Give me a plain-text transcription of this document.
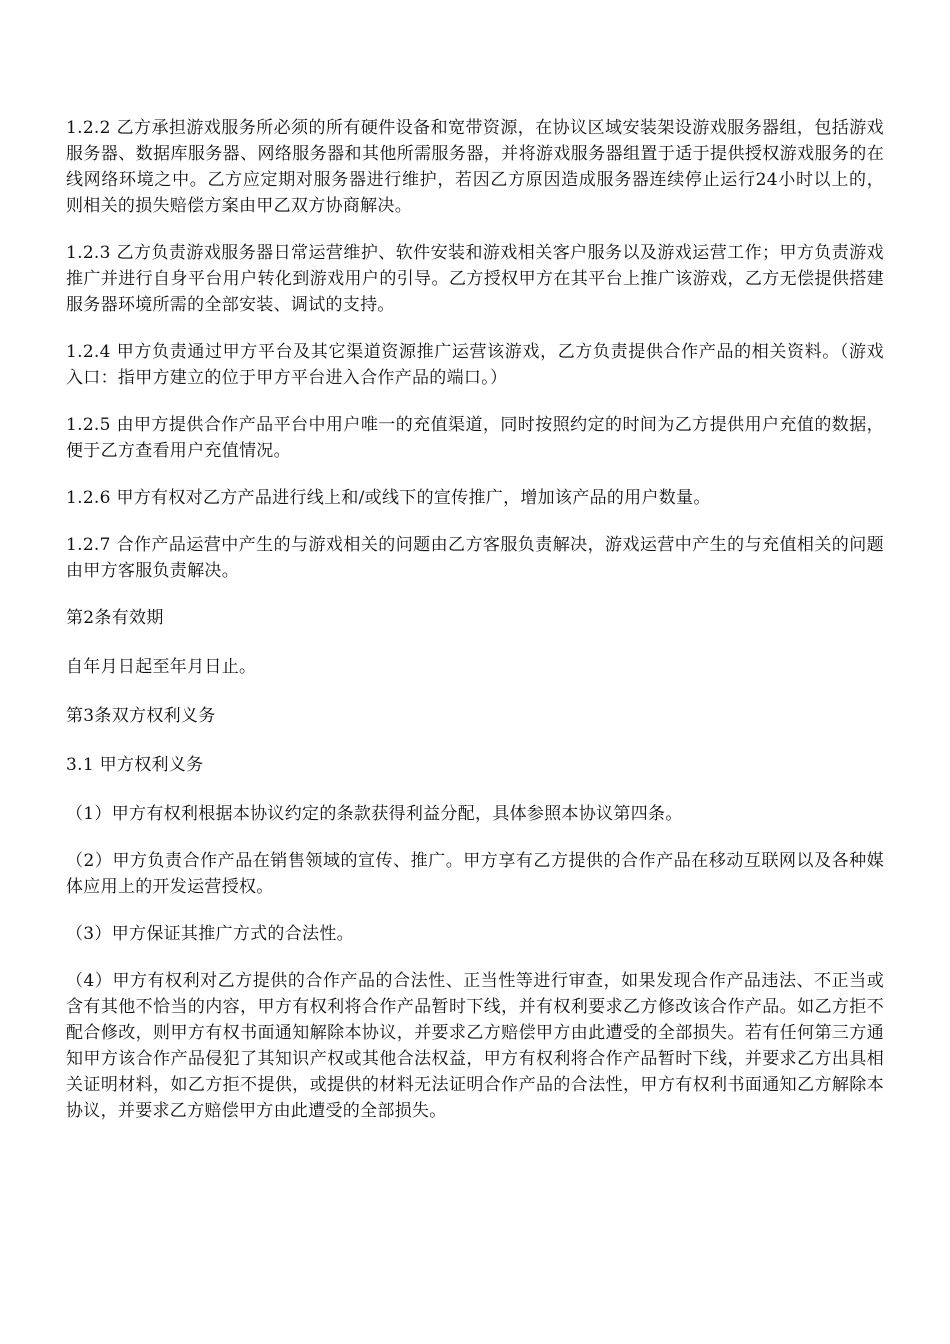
1.2.2 乙方承担游戏服务所必须的所有硬件设备和宽带资源，在协议区域安装架设游戏服务器组，包括游戏服务器、数据库服务器、网络服务器和其他所需服务器，并将游戏服务器组置于适于提供授权游戏服务的在线网络环境之中。乙方应定期对服务器进行维护，若因乙方原因造成服务器连续停止运行24小时以上的，则相关的损失赔偿方案由甲乙双方协商解决。

1.2.3 乙方负责游戏服务器日常运营维护、软件安装和游戏相关客户服务以及游戏运营工作；甲方负责游戏推广并进行自身平台用户转化到游戏用户的引导。乙方授权甲方在其平台上推广该游戏，乙方无偿提供搭建服务器环境所需的全部安装、调试的支持。

1.2.4 甲方负责通过甲方平台及其它渠道资源推广运营该游戏，乙方负责提供合作产品的相关资料。（游戏入口：指甲方建立的位于甲方平台进入合作产品的端口。）

1.2.5 由甲方提供合作产品平台中用户唯一的充值渠道，同时按照约定的时间为乙方提供用户充值的数据，便于乙方查看用户充值情况。

1.2.6 甲方有权对乙方产品进行线上和/或线下的宣传推广，增加该产品的用户数量。

1.2.7 合作产品运营中产生的与游戏相关的问题由乙方客服负责解决，游戏运营中产生的与充值相关的问题由甲方客服负责解决。

第2条有效期

自年月日起至年月日止。

第3条双方权利义务

3.1 甲方权利义务

（1）甲方有权利根据本协议约定的条款获得利益分配，具体参照本协议第四条。

（2）甲方负责合作产品在销售领域的宣传、推广。甲方享有乙方提供的合作产品在移动互联网以及各种媒体应用上的开发运营授权。

（3）甲方保证其推广方式的合法性。

（4）甲方有权利对乙方提供的合作产品的合法性、正当性等进行审查，如果发现合作产品违法、不正当或含有其他不恰当的内容，甲方有权利将合作产品暂时下线，并有权利要求乙方修改该合作产品。如乙方拒不配合修改，则甲方有权书面通知解除本协议，并要求乙方赔偿甲方由此遭受的全部损失。若有任何第三方通知甲方该合作产品侵犯了其知识产权或其他合法权益，甲方有权利将合作产品暂时下线，并要求乙方出具相关证明材料，如乙方拒不提供，或提供的材料无法证明合作产品的合法性，甲方有权利书面通知乙方解除本协议，并要求乙方赔偿甲方由此遭受的全部损失。
